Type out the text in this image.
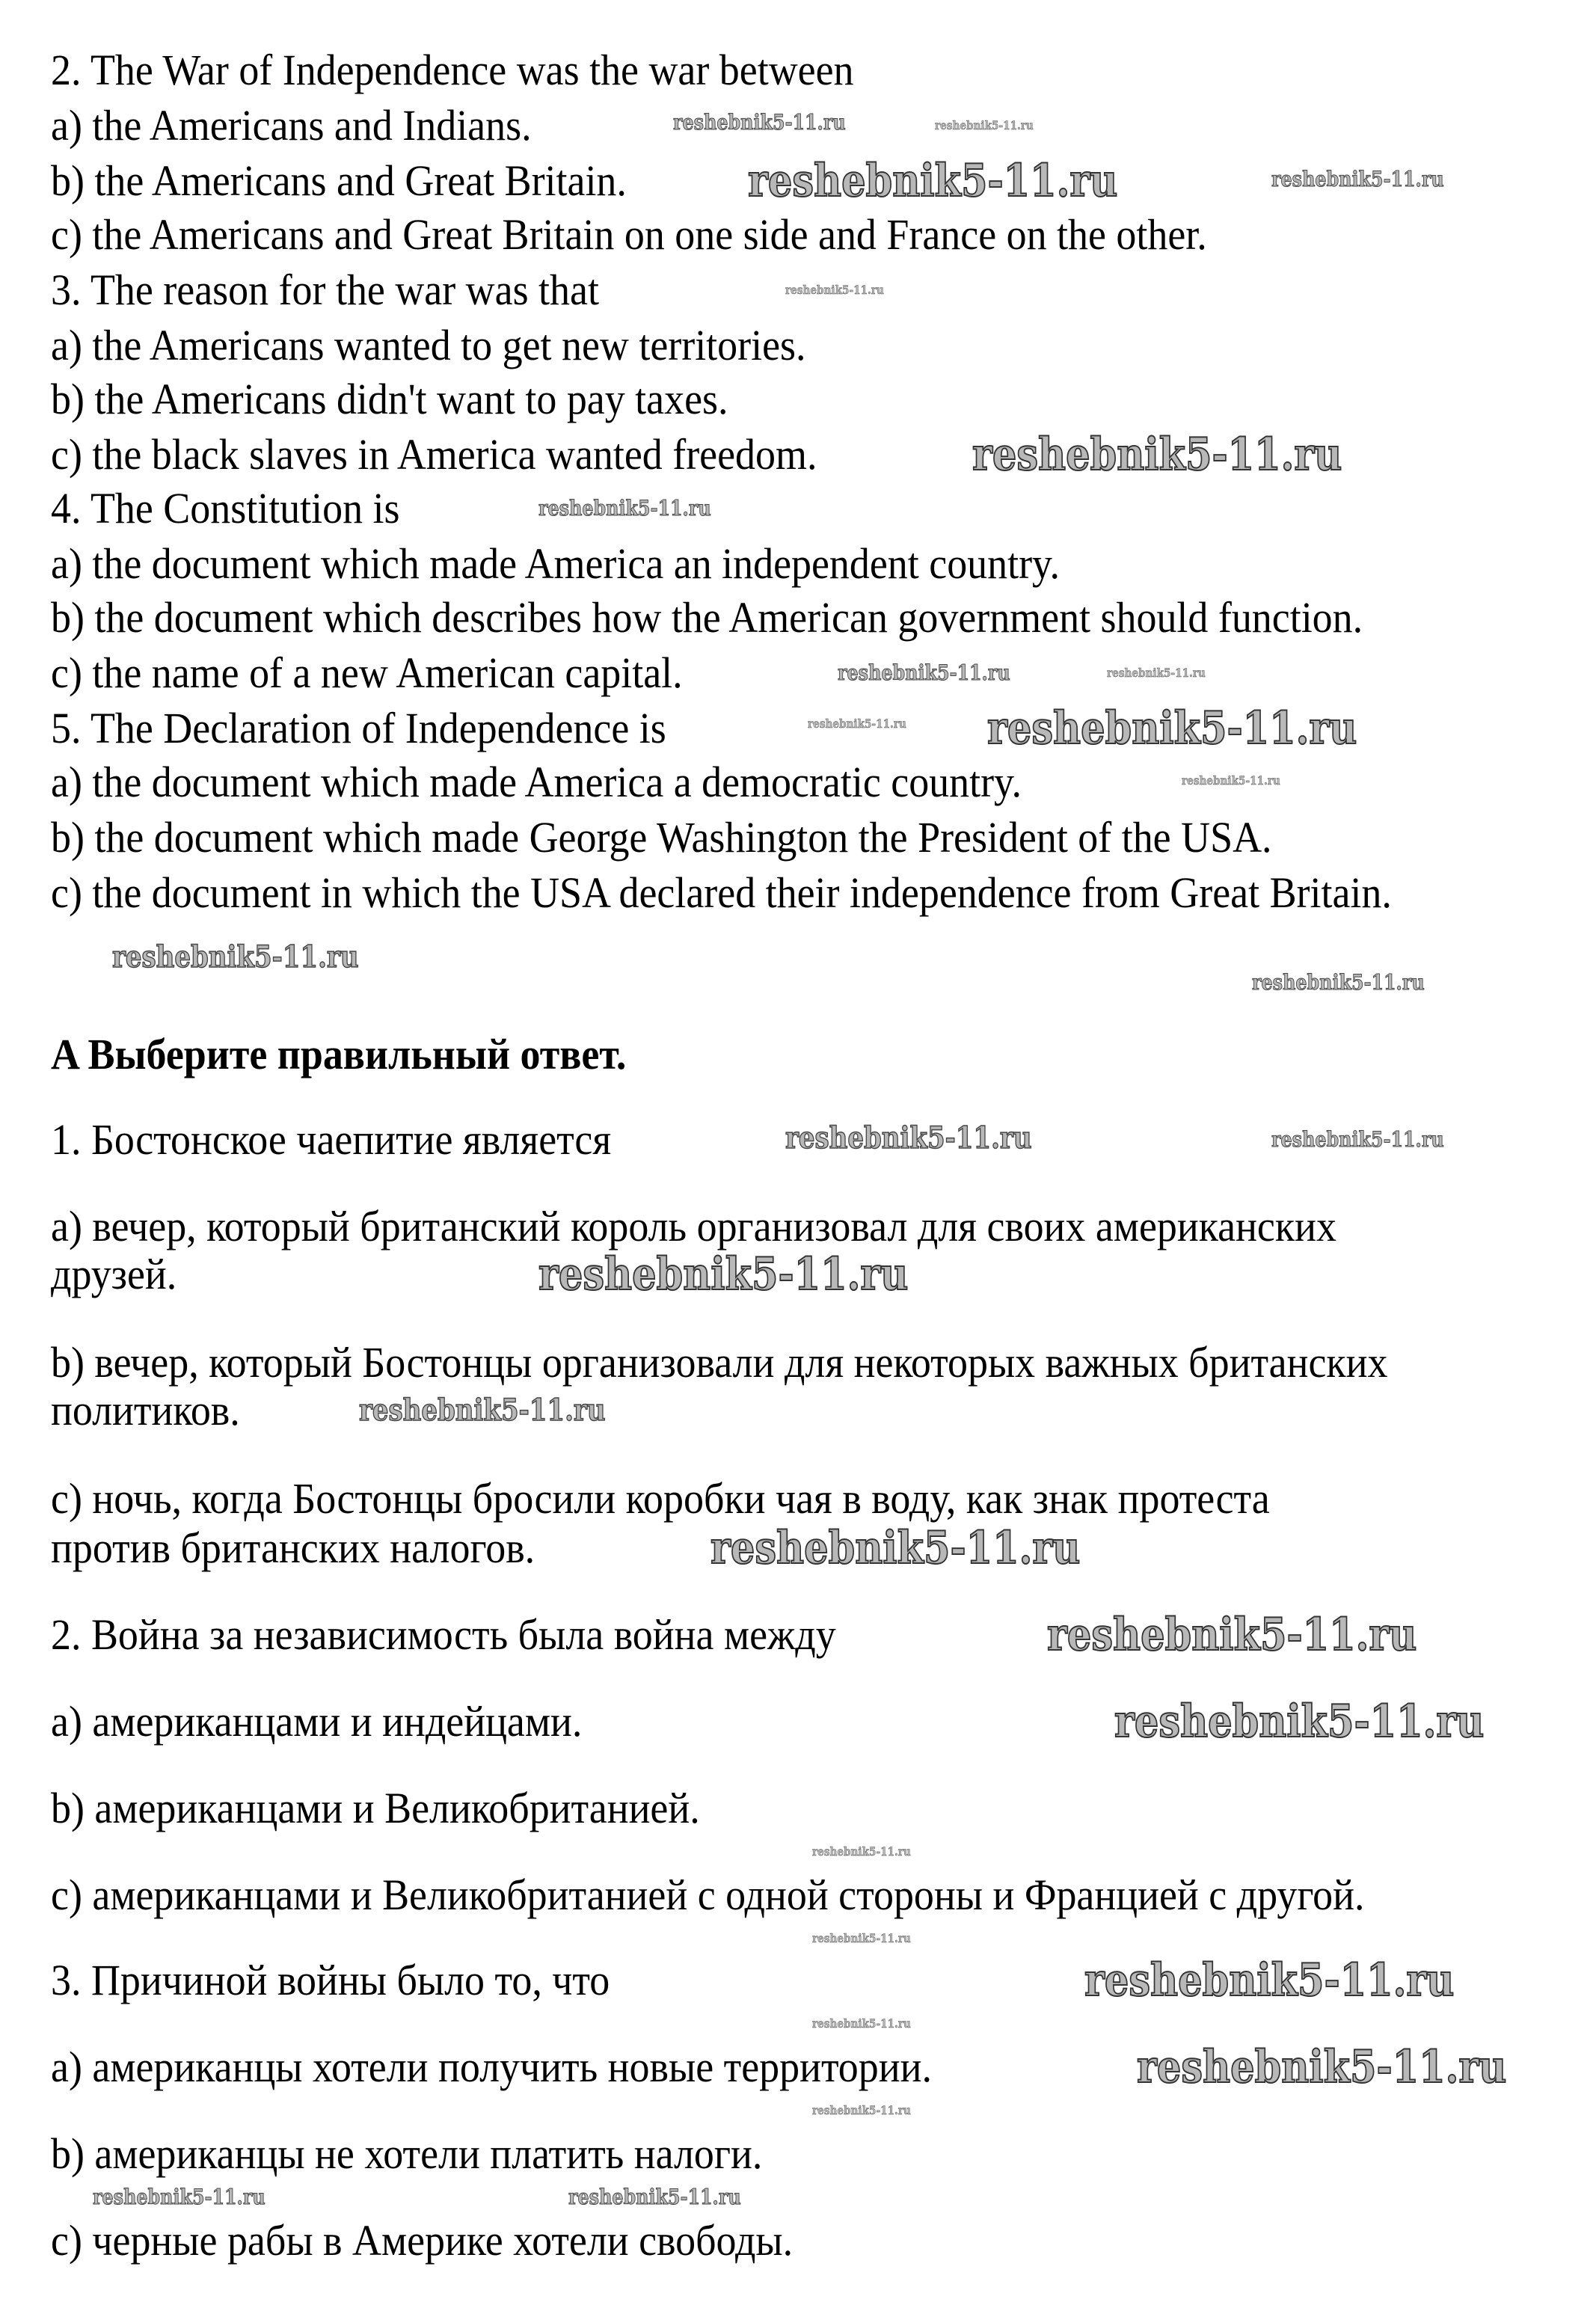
2. The War of Independence was the war between
a) the Americans and Indians.
b) the Americans and Great Britain.
c) the Americans and Great Britain on one side and France on the other.
3. The reason for the war was that
a) the Americans wanted to get new territories.
b) the Americans didn't want to pay taxes.
c) the black slaves in America wanted freedom.
4. The Constitution is
a) the document which made America an independent country.
b) the document which describes how the American government should function.
c) the name of a new American capital.
5. The Declaration of Independence is
a) the document which made America a democratic country.
b) the document which made George Washington the President of the USA.
c) the document in which the USA declared their independence from Great Britain.
A Выберите правильный ответ.
1. Бостонское чаепитие является
a) вечер, который британский король организовал для своих американских
друзей.
b) вечер, который Бостонцы организовали для некоторых важных британских
политиков.
c) ночь, когда Бостонцы бросили коробки чая в воду, как знак протеста
против британских налогов.
2. Война за независимость была война между
a) американцами и индейцами.
b) американцами и Великобританией.
c) американцами и Великобританией с одной стороны и Францией с другой.
3. Причиной войны было то, что
a) американцы хотели получить новые территории.
b) американцы не хотели платить налоги.
c) черные рабы в Америке хотели свободы.
reshebnik5-11.ru	reshebnik5-11.ru
reshebnik5-11.ru	reshebnik5-11.ru
reshebnik5-11.ru
reshebnik5-11.ru
reshebnik5-11.ru
reshebnik5-11.ru	reshebnik5-11.ru
reshebnik5-11.ru reshebnik5-11.ru
reshebnik5-11.ru
reshebnik5-11.ru
reshebnik5-11.ru
reshebnik5-11.ru	reshebnik5-11.ru
reshebnik5-11.ru
reshebnik5-11.ru
reshebnik5-11.ru
reshebnik5-11.ru
reshebnik5-11.ru
reshebnik5-11.ru
reshebnik5-11.ru
reshebnik5-11.ru
reshebnik5-11.ru
reshebnik5-11.ru
reshebnik5-11.ru
reshebnik5-11.ru	reshebnik5-11.ru
